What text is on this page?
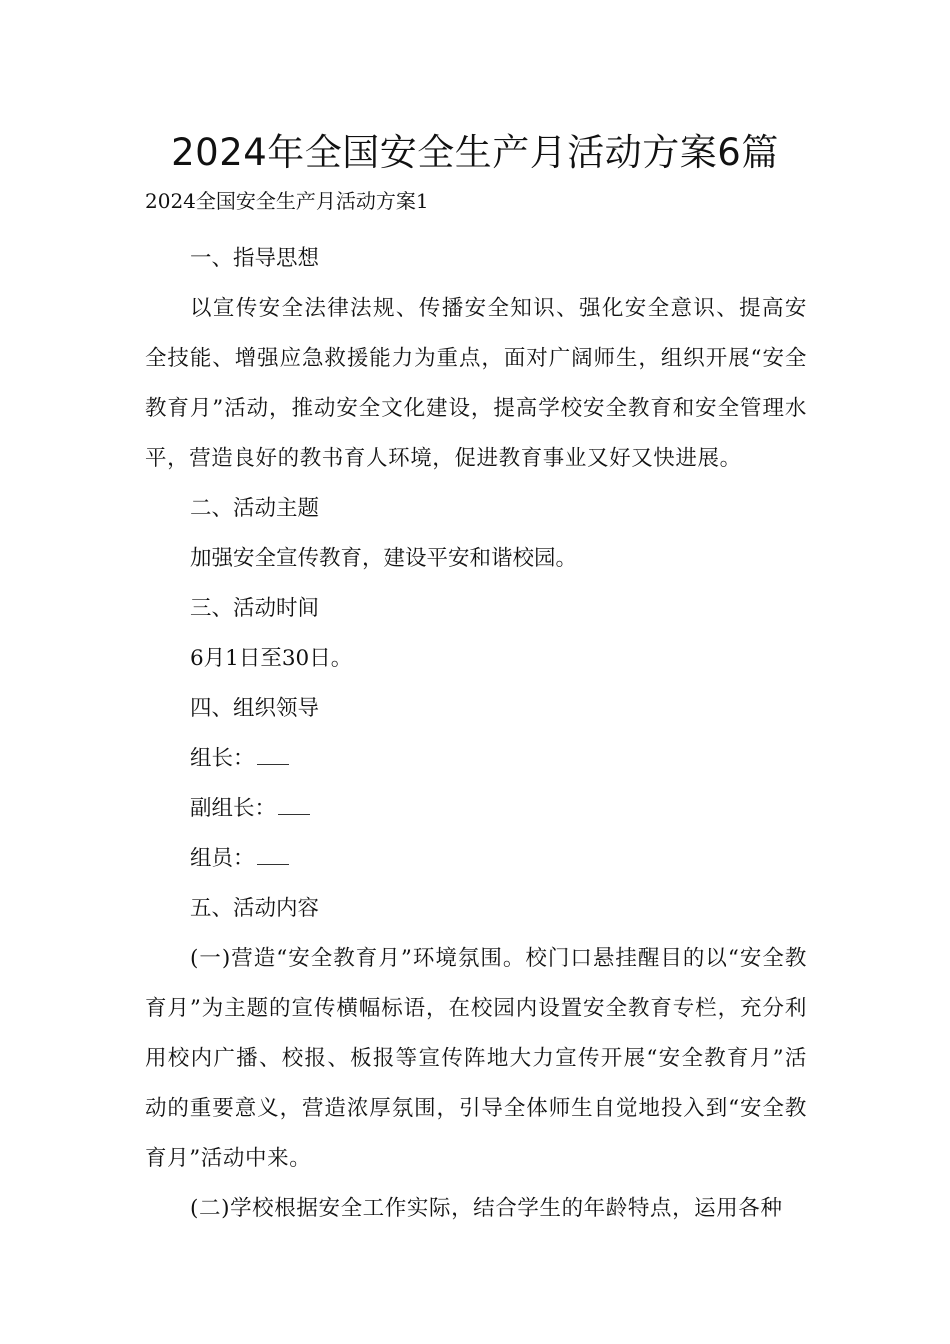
2024年全国安全生产月活动方案6篇

2024全国安全生产月活动方案1

一、指导思想

以宣传安全法律法规、传播安全知识、强化安全意识、提高安全技能、增强应急救援能力为重点，面对广阔师生，组织开展“安全教育月”活动，推动安全文化建设，提高学校安全教育和安全管理水平，营造良好的教书育人环境，促进教育事业又好又快进展。

二、活动主题

加强安全宣传教育，建设平安和谐校园。

三、活动时间

6月1日至30日。

四、组织领导

组长：

副组长：

组员：

五、活动内容

(一)营造“安全教育月”环境氛围。校门口悬挂醒目的以“安全教育月”为主题的宣传横幅标语，在校园内设置安全教育专栏，充分利用校内广播、校报、板报等宣传阵地大力宣传开展“安全教育月”活动的重要意义，营造浓厚氛围，引导全体师生自觉地投入到“安全教育月”活动中来。

(二)学校根据安全工作实际，结合学生的年龄特点，运用各种
